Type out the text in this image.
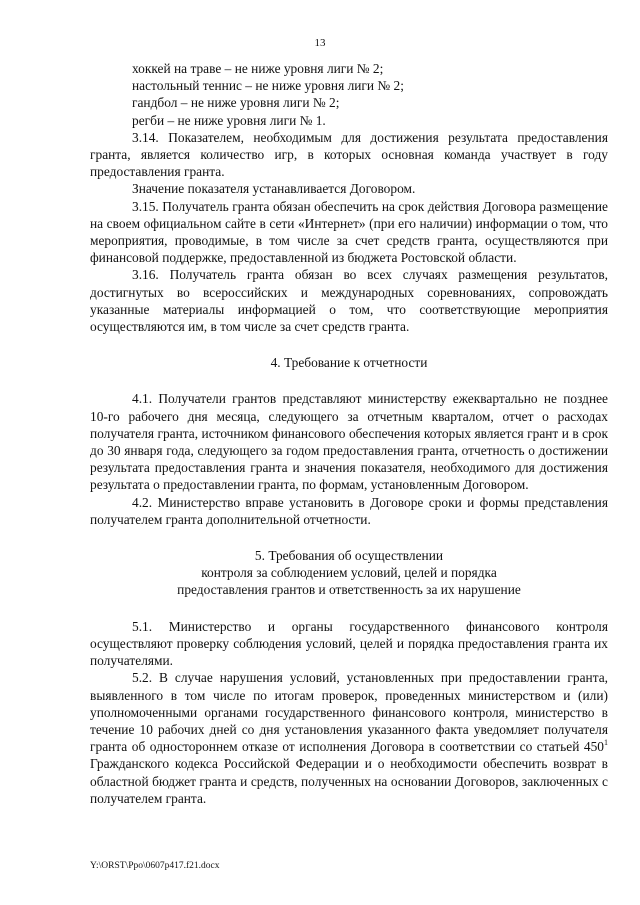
13

хоккей на траве – не ниже уровня лиги № 2;

настольный теннис – не ниже уровня лиги № 2;

гандбол – не ниже уровня лиги № 2;

регби – не ниже уровня лиги № 1.

3.14. Показателем, необходимым для достижения результата предоставления гранта, является количество игр, в которых основная команда участвует в году предоставления гранта.

Значение показателя устанавливается Договором.

3.15. Получатель гранта обязан обеспечить на срок действия Договора размещение на своем официальном сайте в сети «Интернет» (при его наличии) информации о том, что мероприятия, проводимые, в том числе за счет средств гранта, осуществляются при финансовой поддержке, предоставленной из бюджета Ростовской области.

3.16. Получатель гранта обязан во всех случаях размещения результатов, достигнутых во всероссийских и международных соревнованиях, сопровождать указанные материалы информацией о том, что соответствующие мероприятия осуществляются им, в том числе за счет средств гранта.

4. Требование к отчетности

4.1. Получатели грантов представляют министерству ежеквартально не позднее 10-го рабочего дня месяца, следующего за отчетным кварталом, отчет о расходах получателя гранта, источником финансового обеспечения которых является грант и в срок до 30 января года, следующего за годом предоставления гранта, отчетность о достижении результата предоставления гранта и значения показателя, необходимого для достижения результата о предоставлении гранта, по формам, установленным Договором.

4.2. Министерство вправе установить в Договоре сроки и формы представления получателем гранта дополнительной отчетности.

5. Требования об осуществлении

контроля за соблюдением условий, целей и порядка

предоставления грантов и ответственность за их нарушение

5.1. Министерство и органы государственного финансового контроля осуществляют проверку соблюдения условий, целей и порядка предоставления гранта их получателями.

5.2. В случае нарушения условий, установленных при предоставлении гранта, выявленного в том числе по итогам проверок, проведенных министерством и (или) уполномоченными органами государственного финансового контроля, министерство в течение 10 рабочих дней со дня установления указанного факта уведомляет получателя гранта об одностороннем отказе от исполнения Договора в соответствии со статьей $450^1$ Гражданского кодекса Российской Федерации и о необходимости обеспечить возврат в областной бюджет гранта и средств, полученных на основании Договоров, заключенных с получателем гранта.

Y:\ORST\Ppo\0607p417.f21.docx
